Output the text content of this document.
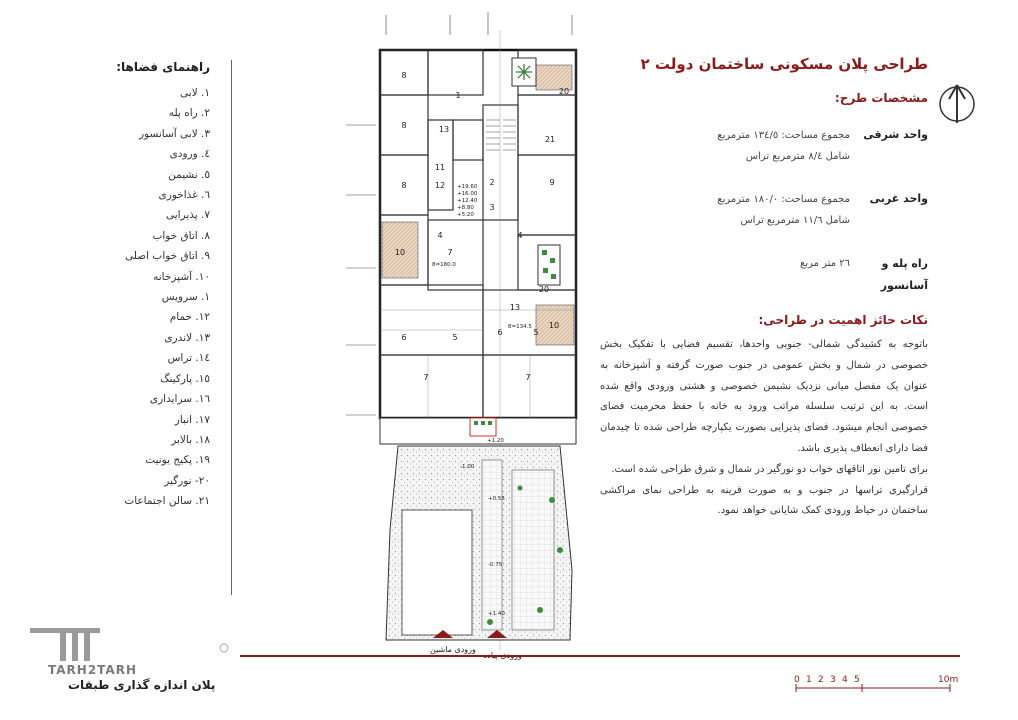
راهنمای فضاها:
۱. لابی
۲. راه پله
۳. لابی آسانسور
٤. ورودی
٥. نشیمن
٦. غذاخوری
۷. پذیرایی
۸. اتاق خواب
۹. اتاق خواب اصلی
۱۰. آشپزخانه
۱. سرویس
۱۲. حمام
۱۳. لاندری
۱٤. تراس
۱٥. پارکینگ
۱٦. سرایداری
۱۷. انبار
۱۸. بالابر
۱۹. پکیج یونیت
۲۰- نورگیر
۲۱. سالن اجتماعات
8
8
8
13
11
12	2
3
4	4
10
10
7
5
6
7	7
5
6
20
20
21
9
13
1
+19.60
+16.00
+12.40
+8.80
+5.20
8=180.0
8=134.5
+1.20
-1.00
+0.55
-0.75
+1.40
ورودی ماشین
طراحی پلان مسکونی ساختمان دولت ۲
مشخصات طرح:
واحد شرقی
مجموع مساحت: ۱۳٤/٥ مترمربع
شامل ۸/٤ مترمربع تراس
واحد غربی
مجموع مساحت: ۱۸۰/۰ مترمربع
شامل ۱۱/٦ مترمربع تراس
راه پله و آسانسور
۲٦ متر مربع
نکات حائز اهمیت در طراحی:

باتوجه به کشیدگی شمالی- جنوبی واحدها، تقسیم فضایی با تفکیک بخش خصوصی در شمال و بخش عمومی در جنوب صورت گرفته و آشپزخانه به عنوان یک مفصل میانی نزدیک نشیمن خصوصی و هشتی ورودی واقع شده است. به این ترتیب سلسله مراتب ورود به خانه با حفظ محرمیت فضای خصوصی انجام میشود. فضای پذیرایی بصورت یکپارچه طراحی شده تا چیدمان فضا دارای انعطاف پذیری باشد.

برای تامین نور اتاقهای خواب دو نورگیر در شمال و شرق طراحی شده است.

قرارگیری تراسها در جنوب و به صورت قرینه به طراحی نمای مراکشی ساختمان در حیاط ورودی کمک شایانی خواهد نمود.

TARH2TARH
پلان اندازه گذاری طبقات	0 1 2 3 4 5	10m
